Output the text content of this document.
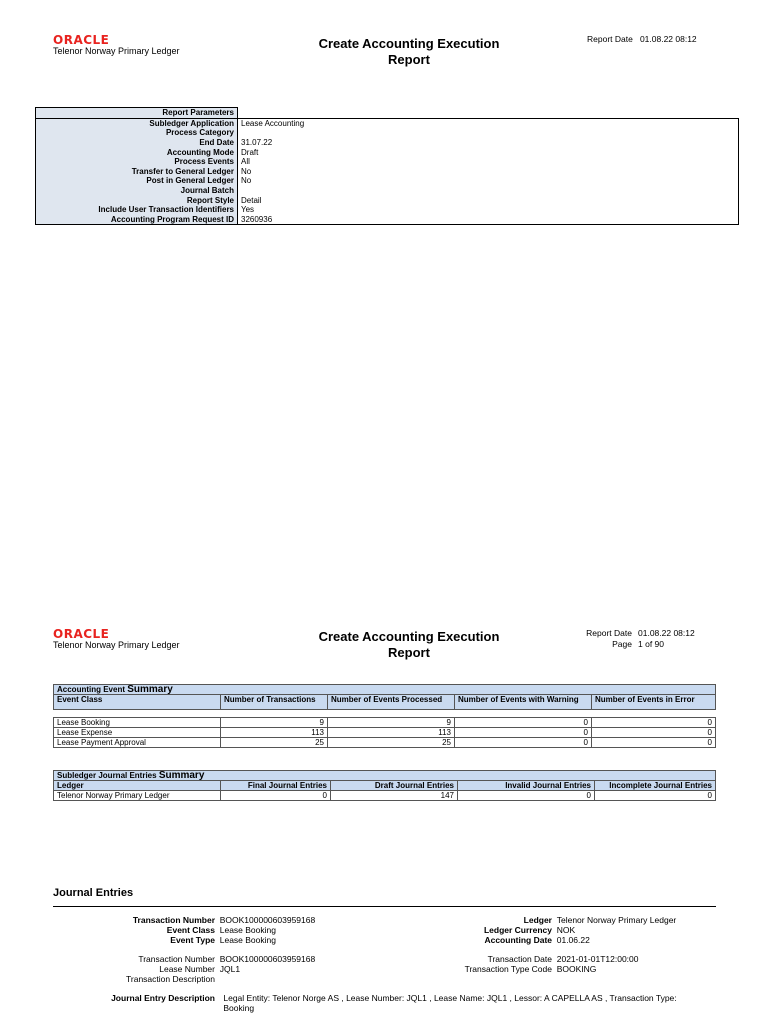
ORACLE
Telenor Norway Primary Ledger	Create Accounting Execution
Report
Report Date 01.08.22 08:12
Report Parameters	
Subledger Application	Lease Accounting
Process Category	
End Date	31.07.22
Accounting Mode	Draft
Process Events	All
Transfer to General Ledger	No
Post in General Ledger	No
Journal Batch	
Report Style	Detail
Include User Transaction Identifiers	Yes
Accounting Program Request ID	3260936
ORACLE
Telenor Norway Primary Ledger
Create Accounting Execution
Report
Report Date 01.08.22 08:12
Page 1 of 90
Accounting Event Summary				
Event Class	Number of Transactions	Number of Events Processed	Number of Events with Warning	Number of Events in Error

Lease Booking	9	9	0	0
Lease Expense	113	113	0	0
Lease Payment Approval	25	25	0	0
Subledger Journal Entries Summary				
Ledger	Final Journal Entries	Draft Journal Entries	Invalid Journal Entries	Incomplete Journal Entries
Telenor Norway Primary Ledger	0	147	0	0
Journal Entries
Transaction Number BOOK100000603959168
Event Class Lease Booking
Event Type Lease Booking
Ledger Telenor Norway Primary Ledger
Ledger Currency NOK
Accounting Date 01.06.22
Transaction Number BOOK100000603959168
Lease Number JQL1
Transaction Description
Transaction Date 2021-01-01T12:00:00
Transaction Type Code BOOKING
Journal Entry Description Legal Entity: Telenor Norge AS , Lease Number: JQL1 , Lease Name: JQL1 , Lessor: A CAPELLA AS , Transaction Type:
Booking
